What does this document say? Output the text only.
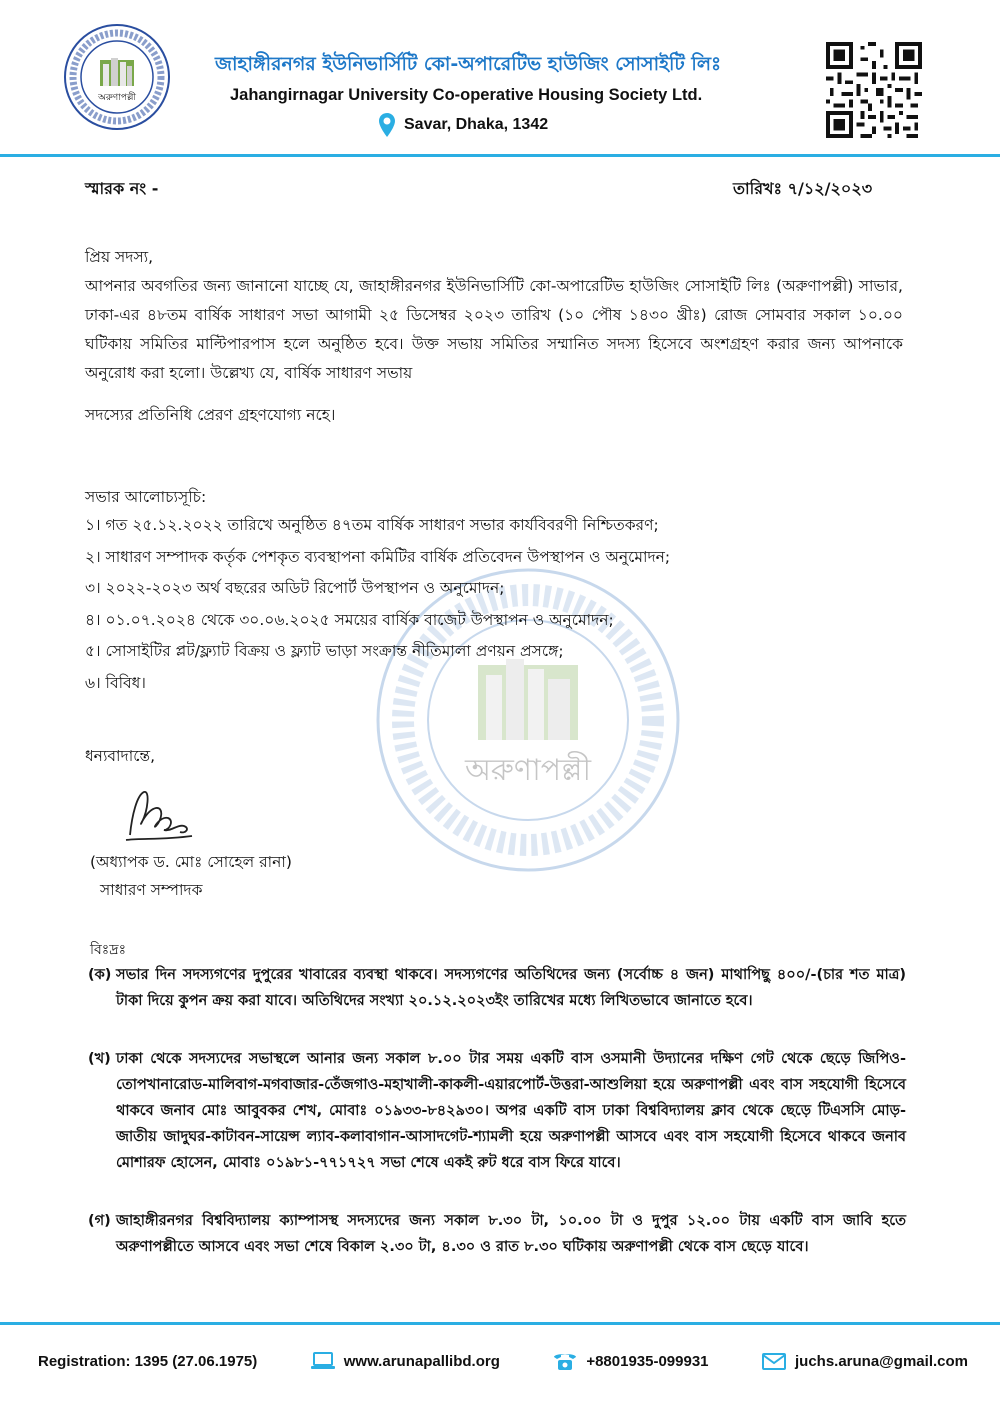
অরুণাপল্লী
জাহাঙ্গীরনগর ইউনিভার্সিটি কো-অপারেটিভ হাউজিং সোসাইটি লিঃ
Jahangirnagar University Co-operative Housing Society Ltd.
Savar, Dhaka, 1342
স্মারক নং -	তারিখঃ ৭/১২/২০২৩
অরুণাপল্লী
প্রিয় সদস্য,
আপনার অবগতির জন্য জানানো যাচ্ছে যে, জাহাঙ্গীরনগর ইউনিভার্সিটি কো-অপারেটিভ হাউজিং সোসাইটি লিঃ (অরুণাপল্লী) সাভার, ঢাকা-এর ৪৮তম বার্ষিক সাধারণ সভা আগামী ২৫ ডিসেম্বর ২০২৩ তারিখ (১০ পৌষ ১৪৩০ খ্রীঃ) রোজ সোমবার সকাল ১০.০০ ঘটিকায় সমিতির মাল্টিপারপাস হলে অনুষ্ঠিত হবে। উক্ত সভায় সমিতির সম্মানিত সদস্য হিসেবে অংশগ্রহণ করার জন্য আপনাকে অনুরোধ করা হলো। উল্লেখ্য যে, বার্ষিক সাধারণ সভায়
সদস্যের প্রতিনিধি প্রেরণ গ্রহণযোগ্য নহে।
সভার আলোচ্যসূচি:
১। গত ২৫.১২.২০২২ তারিখে অনুষ্ঠিত ৪৭তম বার্ষিক সাধারণ সভার কার্যবিবরণী নিশ্চিতকরণ;
২। সাধারণ সম্পাদক কর্তৃক পেশকৃত ব্যবস্থাপনা কমিটির বার্ষিক প্রতিবেদন উপস্থাপন ও অনুমোদন;
৩। ২০২২-২০২৩ অর্থ বছরের অডিট রিপোর্ট উপস্থাপন ও অনুমোদন;
৪। ০১.০৭.২০২৪ থেকে ৩০.০৬.২০২৫ সময়ের বার্ষিক বাজেট উপস্থাপন ও অনুমোদন;
৫। সোসাইটির প্লট/ফ্ল্যাট বিক্রয় ও ফ্ল্যাট ভাড়া সংক্রান্ত নীতিমালা প্রণয়ন প্রসঙ্গে;
৬। বিবিধ।
ধন্যবাদান্তে,
(অধ্যাপক ড. মোঃ সোহেল রানা)
সাধারণ সম্পাদক
বিঃদ্রঃ
(ক) সভার দিন সদস্যগণের দুপুরের খাবারের ব্যবস্থা থাকবে। সদস্যগণের অতিথিদের জন্য (সর্বোচ্চ ৪ জন) মাথাপিছু ৪০০/-(চার শত মাত্র) টাকা দিয়ে কুপন ক্রয় করা যাবে। অতিথিদের সংখ্যা ২০.১২.২০২৩ইং তারিখের মধ্যে লিখিতভাবে জানাতে হবে।
(খ) ঢাকা থেকে সদস্যদের সভাস্থলে আনার জন্য সকাল ৮.০০ টার সময় একটি বাস ওসমানী উদ্যানের দক্ষিণ গেট থেকে ছেড়ে জিপিও-তোপখানারোড-মালিবাগ-মগবাজার-তেঁজগাও-মহাখালী-কাকলী-এয়ারপোর্ট-উত্তরা-আশুলিয়া হয়ে অরুণাপল্লী এবং বাস সহযোগী হিসেবে থাকবে জনাব মোঃ আবুবকর শেখ, মোবাঃ ০১৯৩৩-৮৪২৯৩০। অপর একটি বাস ঢাকা বিশ্ববিদ্যালয় ক্লাব থেকে ছেড়ে টিএসসি মোড়-জাতীয় জাদুঘর-কাটাবন-সায়েন্স ল্যাব-কলাবাগান-আসাদগেট-শ্যামলী হয়ে অরুণাপল্লী আসবে এবং বাস সহযোগী হিসেবে থাকবে জনাব মোশারফ হোসেন, মোবাঃ ০১৯৮১-৭৭১৭২৭ সভা শেষে একই রুট ধরে বাস ফিরে যাবে।
(গ) জাহাঙ্গীরনগর বিশ্ববিদ্যালয় ক্যাম্পাসস্থ সদস্যদের জন্য সকাল ৮.৩০ টা, ১০.০০ টা ও দুপুর ১২.০০ টায় একটি বাস জাবি হতে অরুণাপল্লীতে আসবে এবং সভা শেষে বিকাল ২.৩০ টা, ৪.৩০ ও রাত ৮.৩০ ঘটিকায় অরুণাপল্লী থেকে বাস ছেড়ে যাবে।
Registration: 1395 (27.06.1975)	www.arunapallibd.org	+8801935-099931	juchs.aruna@gmail.com
